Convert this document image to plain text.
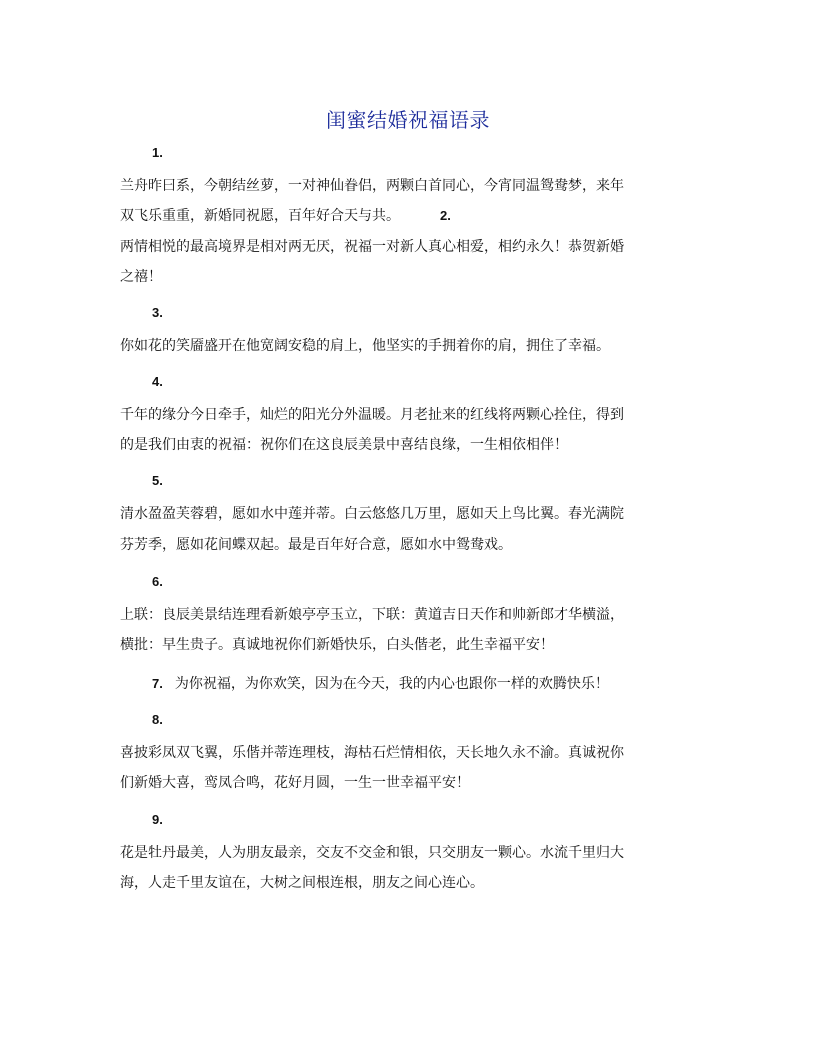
闺蜜结婚祝福语录
1.
兰舟昨曰系，今朝结丝萝，一对神仙眷侣，两颗白首同心，今宵同温鸳鸯梦，来年
双飞乐重重，新婚同祝愿，百年好合天与共。	2.
两情相悦的最高境界是相对两无厌，祝福一对新人真心相爱，相约永久！恭贺新婚
之禧！
3.
你如花的笑靥盛开在他宽阔安稳的肩上，他坚实的手拥着你的肩，拥住了幸福。
4.
千年的缘分今日牵手，灿烂的阳光分外温暖。月老扯来的红线将两颗心拴住，得到
的是我们由衷的祝福：祝你们在这良辰美景中喜结良缘，一生相依相伴！
5.
清水盈盈芙蓉碧，愿如水中莲并蒂。白云悠悠几万里，愿如天上鸟比翼。春光满院
芬芳季，愿如花间蝶双起。最是百年好合意，愿如水中鸳鸯戏。
6.
上联：良辰美景结连理看新娘亭亭玉立，下联：黄道吉日天作和帅新郎才华横溢，
横批：早生贵子。真诚地祝你们新婚快乐，白头偕老，此生幸福平安！
7. 为你祝福，为你欢笑，因为在今天，我的内心也跟你一样的欢腾快乐！
8.
喜披彩凤双飞翼，乐偕并蒂连理枝，海枯石烂情相依，天长地久永不渝。真诚祝你
们新婚大喜，鸾凤合鸣，花好月圆，一生一世幸福平安！
9.
花是牡丹最美，人为朋友最亲，交友不交金和银，只交朋友一颗心。水流千里归大
海，人走千里友谊在，大树之间根连根，朋友之间心连心。
